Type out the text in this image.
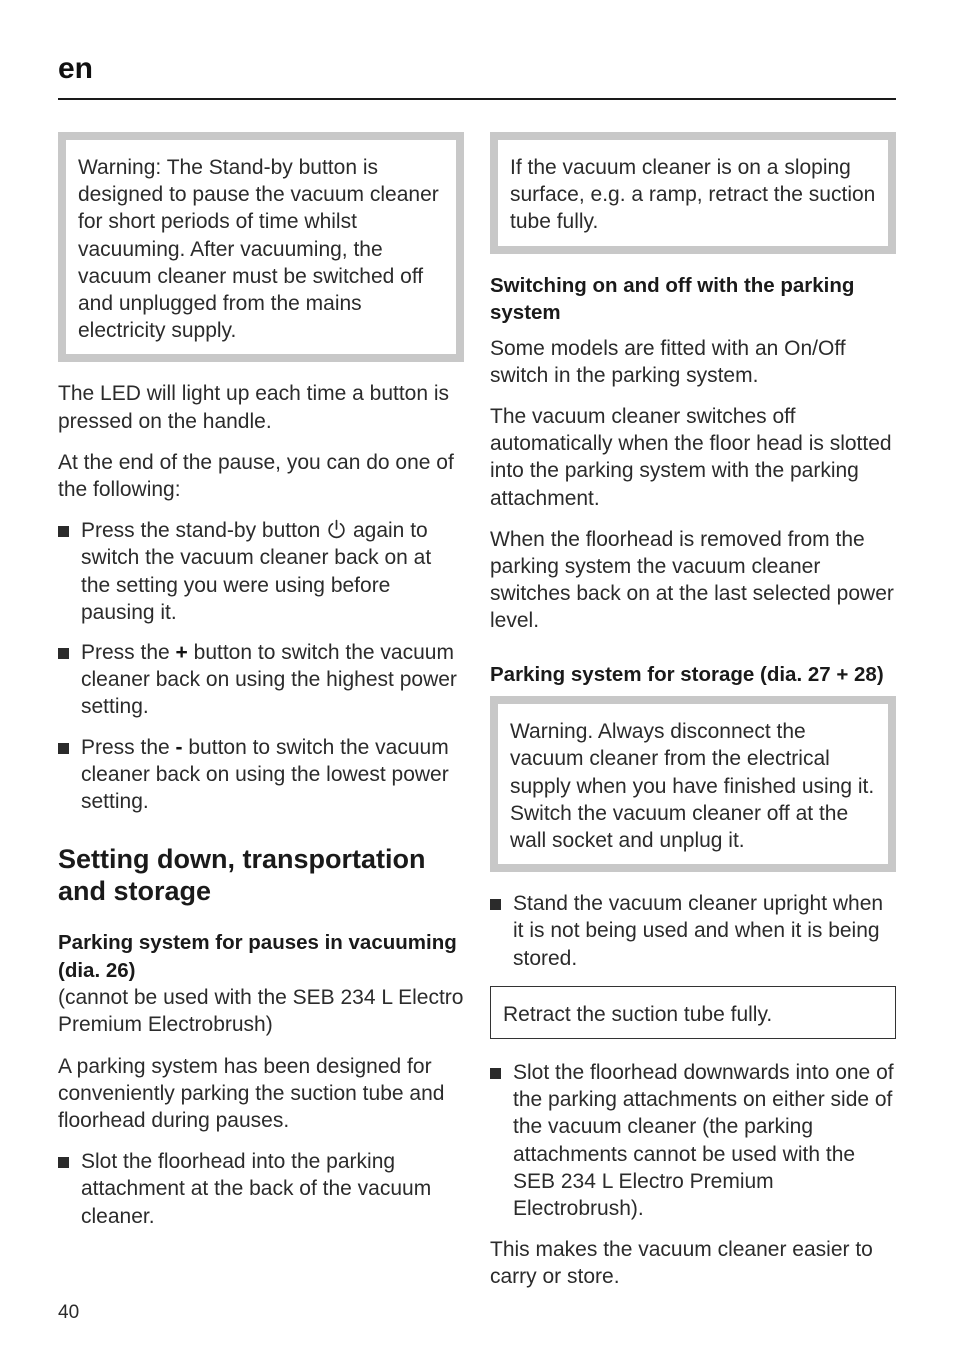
en

Warning: The Stand-by button is designed to pause the vacuum cleaner for short periods of time whilst vacuuming. After vacuuming, the vacuum cleaner must be switched off and unplugged from the mains electricity supply.

The LED will light up each time a button is pressed on the handle.

At the end of the pause, you can do one of the following:

Press the stand-by button  again to switch the vacuum cleaner back on at the setting you were using before pausing it.
Press the + button to switch the vacuum cleaner back on using the highest power setting.
Press the - button to switch the vacuum cleaner back on using the lowest power setting.
Setting down, transportation and storage
Parking system for pauses in vacuuming (dia. 26)

(cannot be used with the SEB 234 L Electro Premium Electrobrush)

A parking system has been designed for conveniently parking the suction tube and floorhead during pauses.

Slot the floorhead into the parking attachment at the back of the vacuum cleaner.

If the vacuum cleaner is on a sloping surface, e.g. a ramp, retract the suction tube fully.

Switching on and off with the parking system

Some models are fitted with an On/Off switch in the parking system.

The vacuum cleaner switches off automatically when the floor head is slotted into the parking system with the parking attachment.

When the floorhead is removed from the parking system the vacuum cleaner switches back on at the last selected power level.

Parking system for storage (dia. 27 + 28)

Warning. Always disconnect the vacuum cleaner from the electrical supply when you have finished using it. Switch the vacuum cleaner off at the wall socket and unplug it.

Stand the vacuum cleaner upright when it is not being used and when it is being stored.

Retract the suction tube fully.

Slot the floorhead downwards into one of the parking attachments on either side of the vacuum cleaner (the parking attachments cannot be used with the SEB 234 L Electro Premium Electrobrush).

This makes the vacuum cleaner easier to carry or store.

40
